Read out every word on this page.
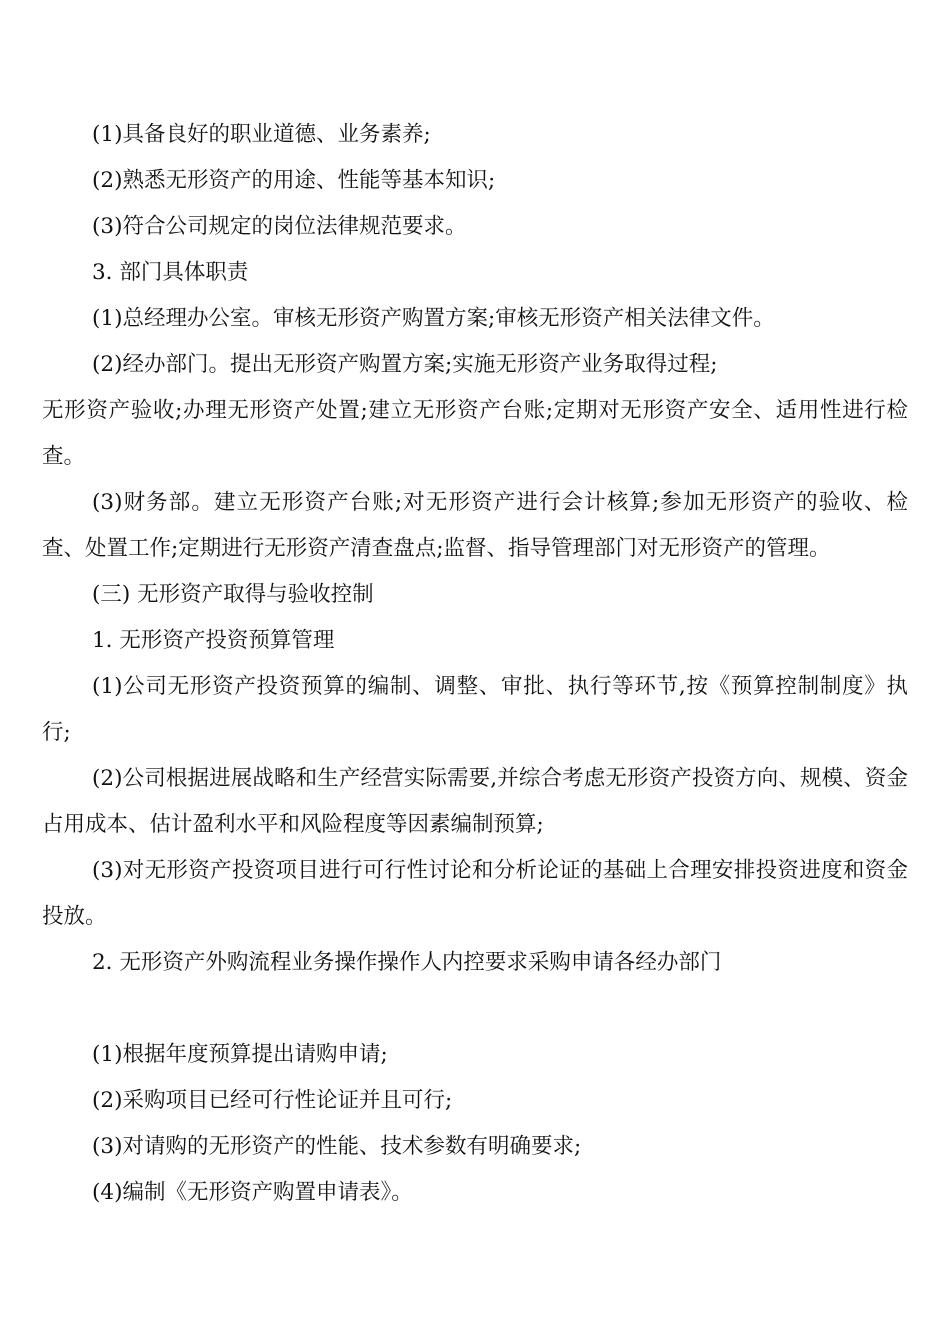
(1)具备良好的职业道德、业务素养;

(2)熟悉无形资产的用途、性能等基本知识;

(3)符合公司规定的岗位法律规范要求。

3. 部门具体职责

(1)总经理办公室。审核无形资产购置方案;审核无形资产相关法律文件。

(2)经办部门。提出无形资产购置方案;实施无形资产业务取得过程;

无形资产验收;办理无形资产处置;建立无形资产台账;定期对无形资产安全、适用性进行检查。

(3)财务部。建立无形资产台账;对无形资产进行会计核算;参加无形资产的验收、检查、处置工作;定期进行无形资产清查盘点;监督、指导管理部门对无形资产的管理。

(三) 无形资产取得与验收控制

1. 无形资产投资预算管理

(1)公司无形资产投资预算的编制、调整、审批、执行等环节,按《预算控制制度》执行;

(2)公司根据进展战略和生产经营实际需要,并综合考虑无形资产投资方向、规模、资金占用成本、估计盈利水平和风险程度等因素编制预算;

(3)对无形资产投资项目进行可行性讨论和分析论证的基础上合理安排投资进度和资金投放。

2. 无形资产外购流程业务操作操作人内控要求采购申请各经办部门

(1)根据年度预算提出请购申请;

(2)采购项目已经可行性论证并且可行;

(3)对请购的无形资产的性能、技术参数有明确要求;

(4)编制《无形资产购置申请表》。
